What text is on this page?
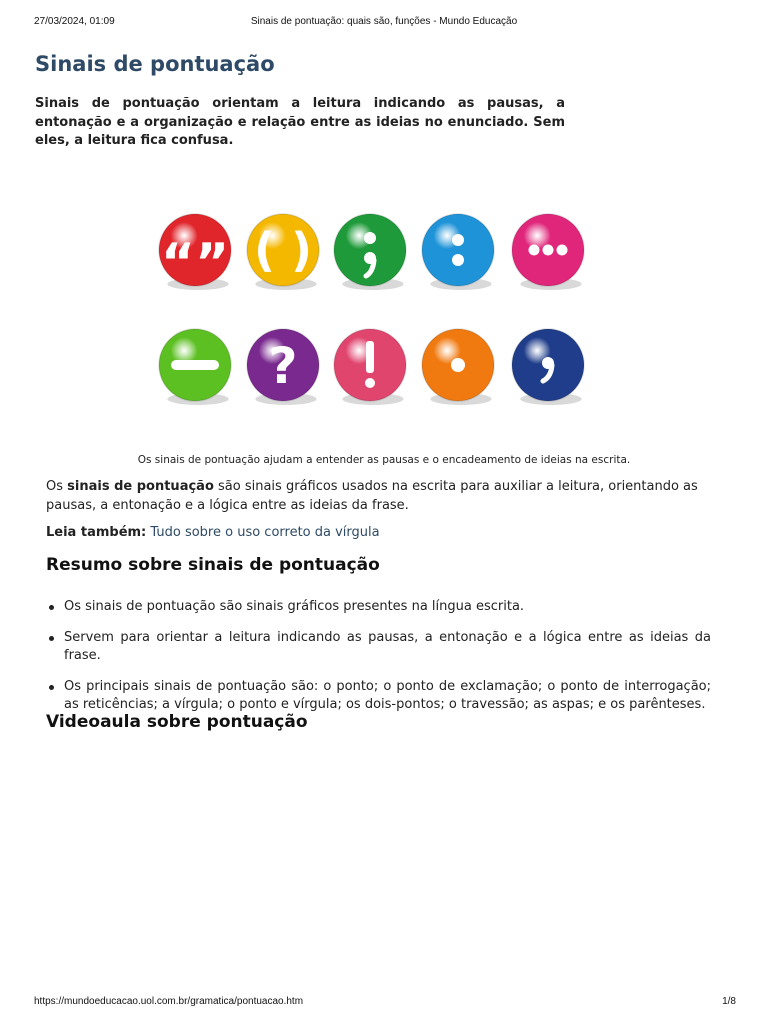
27/03/2024, 01:09	Sinais de pontuação: quais são, funções - Mundo Educação
Sinais de pontuação

Sinais de pontuação orientam a leitura indicando as pausas, a entonação e a organização e relação entre as ideias no enunciado. Sem eles, a leitura fica confusa.

“” ( )
?
Os sinais de pontuação ajudam a entender as pausas e o encadeamento de ideias na escrita.

Os sinais de pontuação são sinais gráficos usados na escrita para auxiliar a leitura, orientando as pausas, a entonação e a lógica entre as ideias da frase.

Leia também: Tudo sobre o uso correto da vírgula

Resumo sobre sinais de pontuação
Os sinais de pontuação são sinais gráficos presentes na língua escrita.
Servem para orientar a leitura indicando as pausas, a entonação e a lógica entre as ideias da frase.
Os principais sinais de pontuação são: o ponto; o ponto de exclamação; o ponto de interrogação; as reticências; a vírgula; o ponto e vírgula; os dois-pontos; o travessão; as aspas; e os parênteses.
Videoaula sobre pontuação
https://mundoeducacao.uol.com.br/gramatica/pontuacao.htm	1/8
